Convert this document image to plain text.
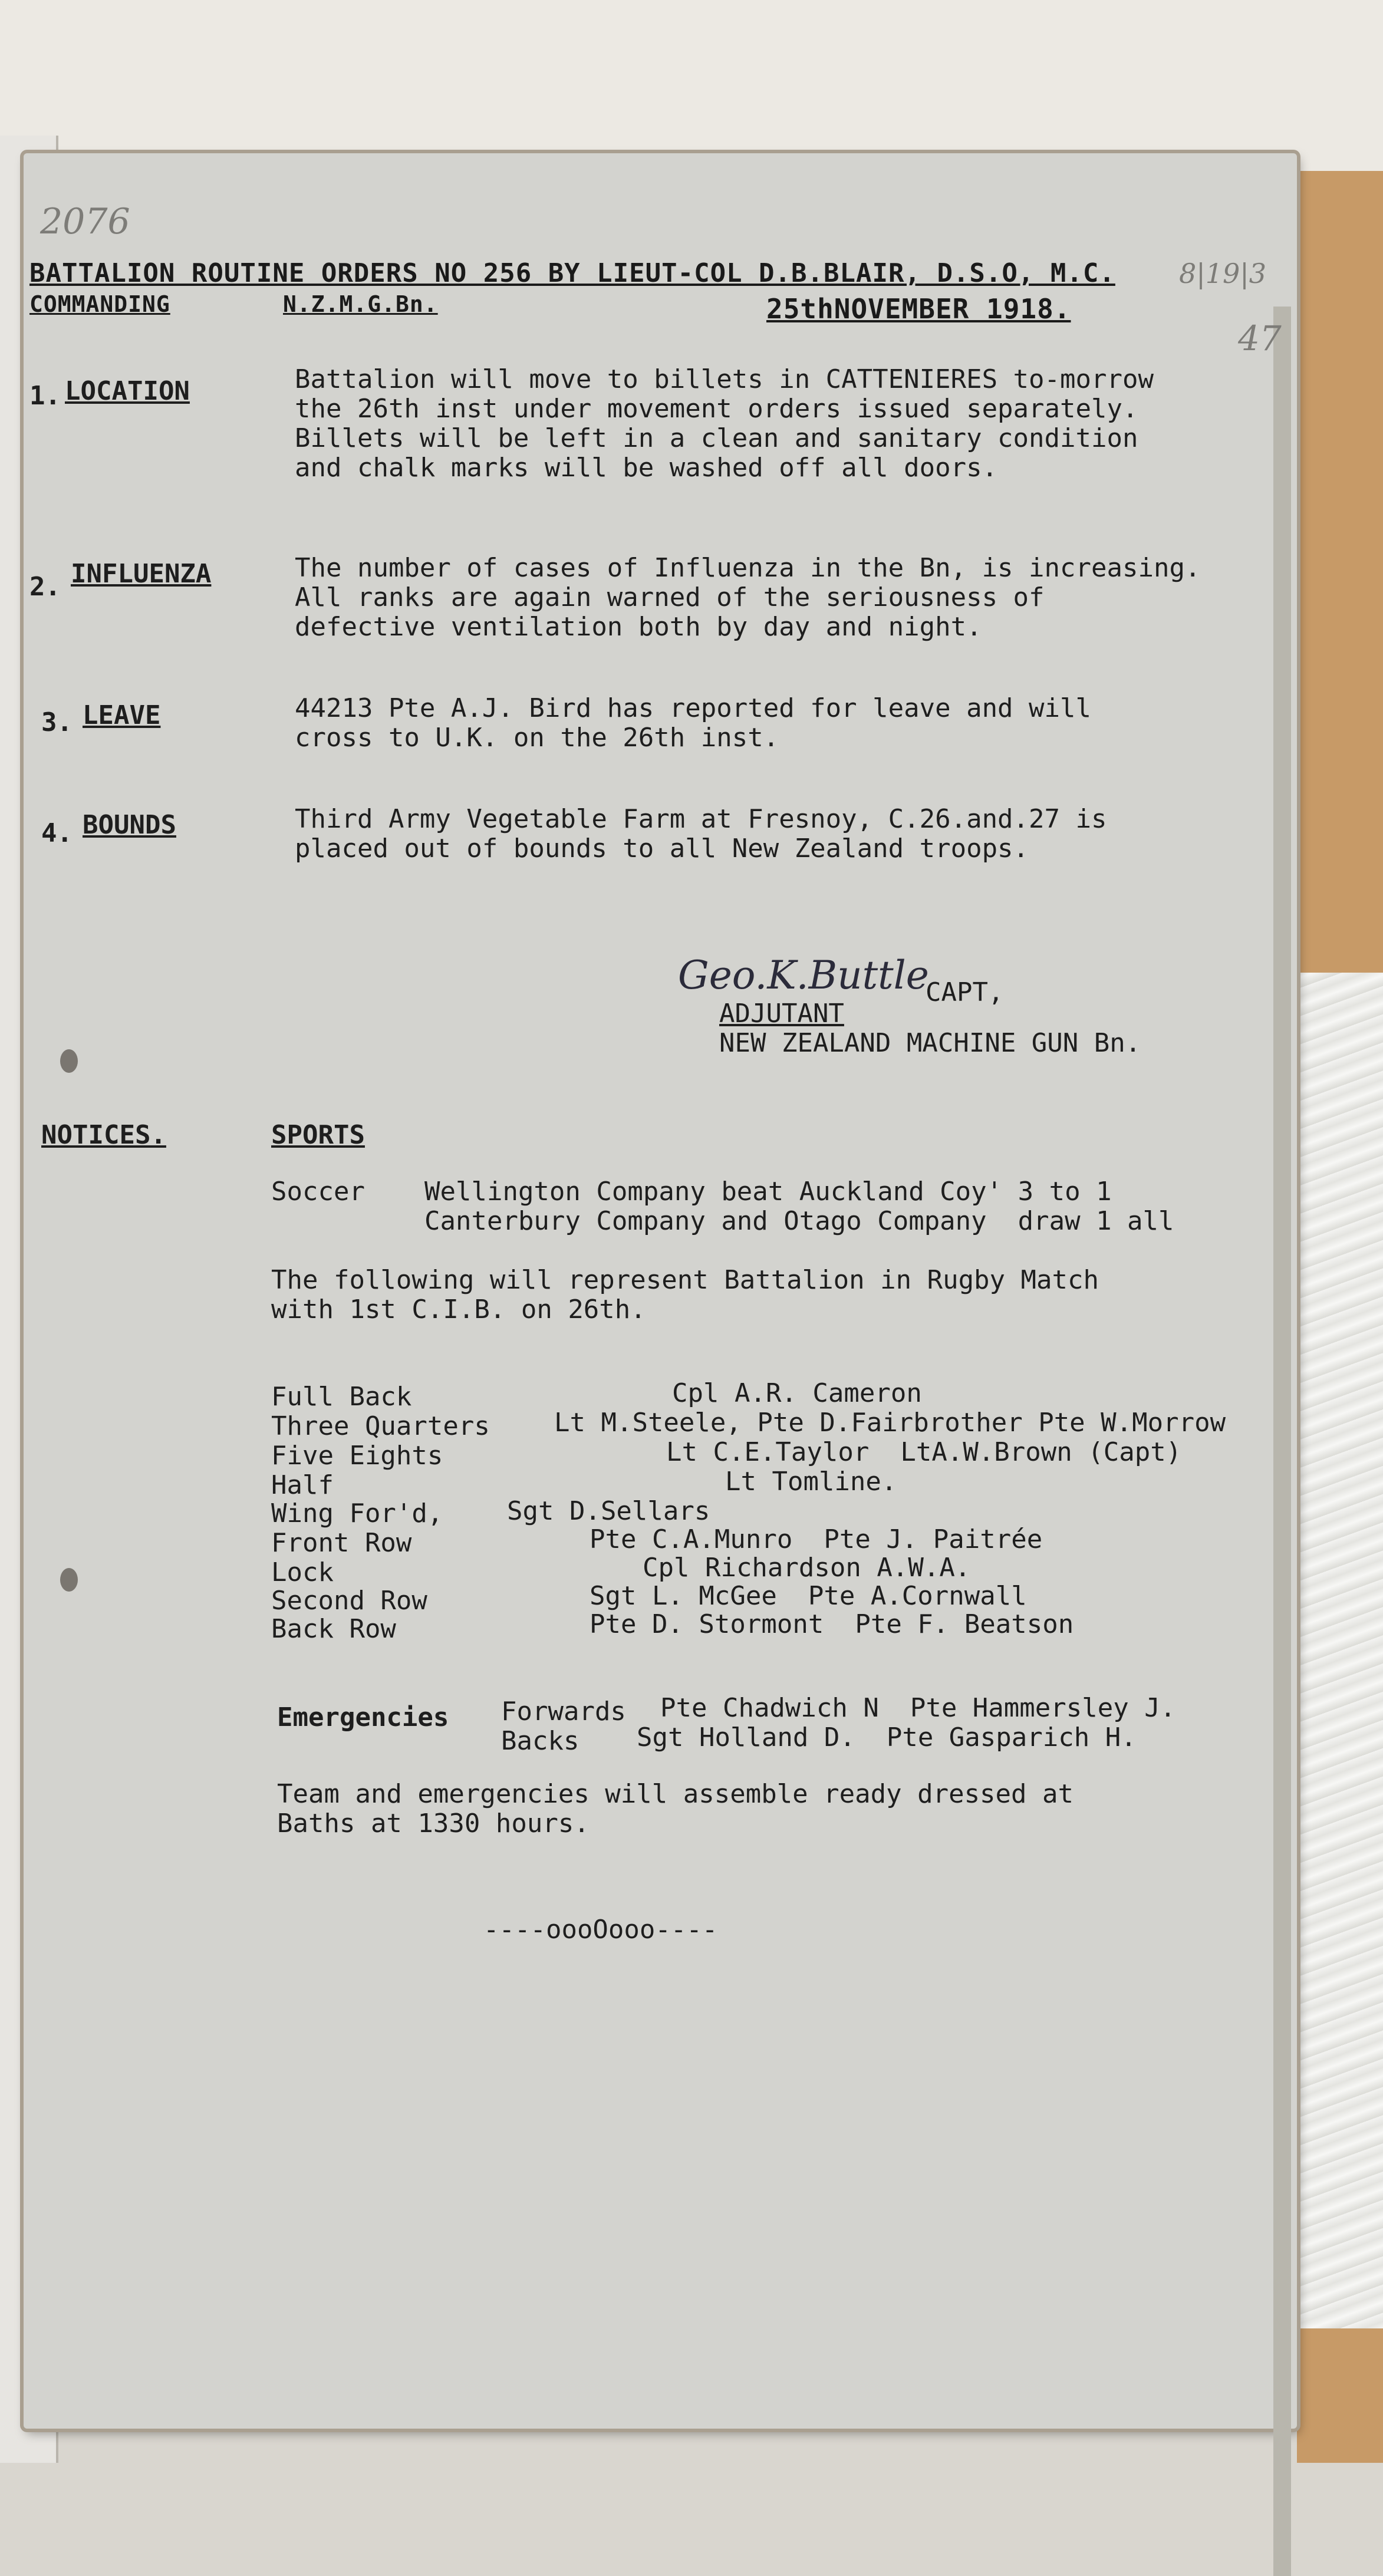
2076
8|19|3
47
BATTALION ROUTINE ORDERS NO 256 BY LIEUT-COL D.B.BLAIR, D.S.O, M.C.
COMMANDING	N.Z.M.G.Bn.	25thNOVEMBER 1918.
1. LOCATION	Battalion will move to billets in CATTENIERES to-morrow
the 26th inst under movement orders issued separately.
Billets will be left in a clean and sanitary condition
and chalk marks will be washed off all doors.
2. INFLUENZA	The number of cases of Influenza in the Bn, is increasing.
All ranks are again warned of the seriousness of
defective ventilation both by day and night.
3. LEAVE	44213 Pte A.J. Bird has reported for leave and will
cross to U.K. on the 26th inst.
4. BOUNDS	Third Army Vegetable Farm at Fresnoy, C.26.and.27 is
placed out of bounds to all New Zealand troops.
Geo.K.Buttle
CAPT,
ADJUTANT
NEW ZEALAND MACHINE GUN Bn.
NOTICES.	SPORTS
Soccer Wellington Company beat Auckland Coy' 3 to 1
Canterbury Company and Otago Company  draw 1 all
The following will represent Battalion in Rugby Match
with 1st C.I.B. on 26th.
Full Back	Cpl A.R. Cameron
Three Quarters Lt M.Steele, Pte D.Fairbrother Pte W.Morrow
Five Eights	Lt C.E.Taylor  LtA.W.Brown (Capt)
Half	Lt Tomline.
Wing For'd, Sgt D.Sellars
Front Row	Pte C.A.Munro  Pte J. Paitrée
Lock	Cpl Richardson A.W.A.
Second Row	Sgt L. McGee  Pte A.Cornwall
Back Row	Pte D. Stormont  Pte F. Beatson
Emergencies Forwards Pte Chadwich N  Pte Hammersley J.
Backs Sgt Holland D.  Pte Gasparich H.
Team and emergencies will assemble ready dressed at
Baths at 1330 hours.
----oooOooo----
